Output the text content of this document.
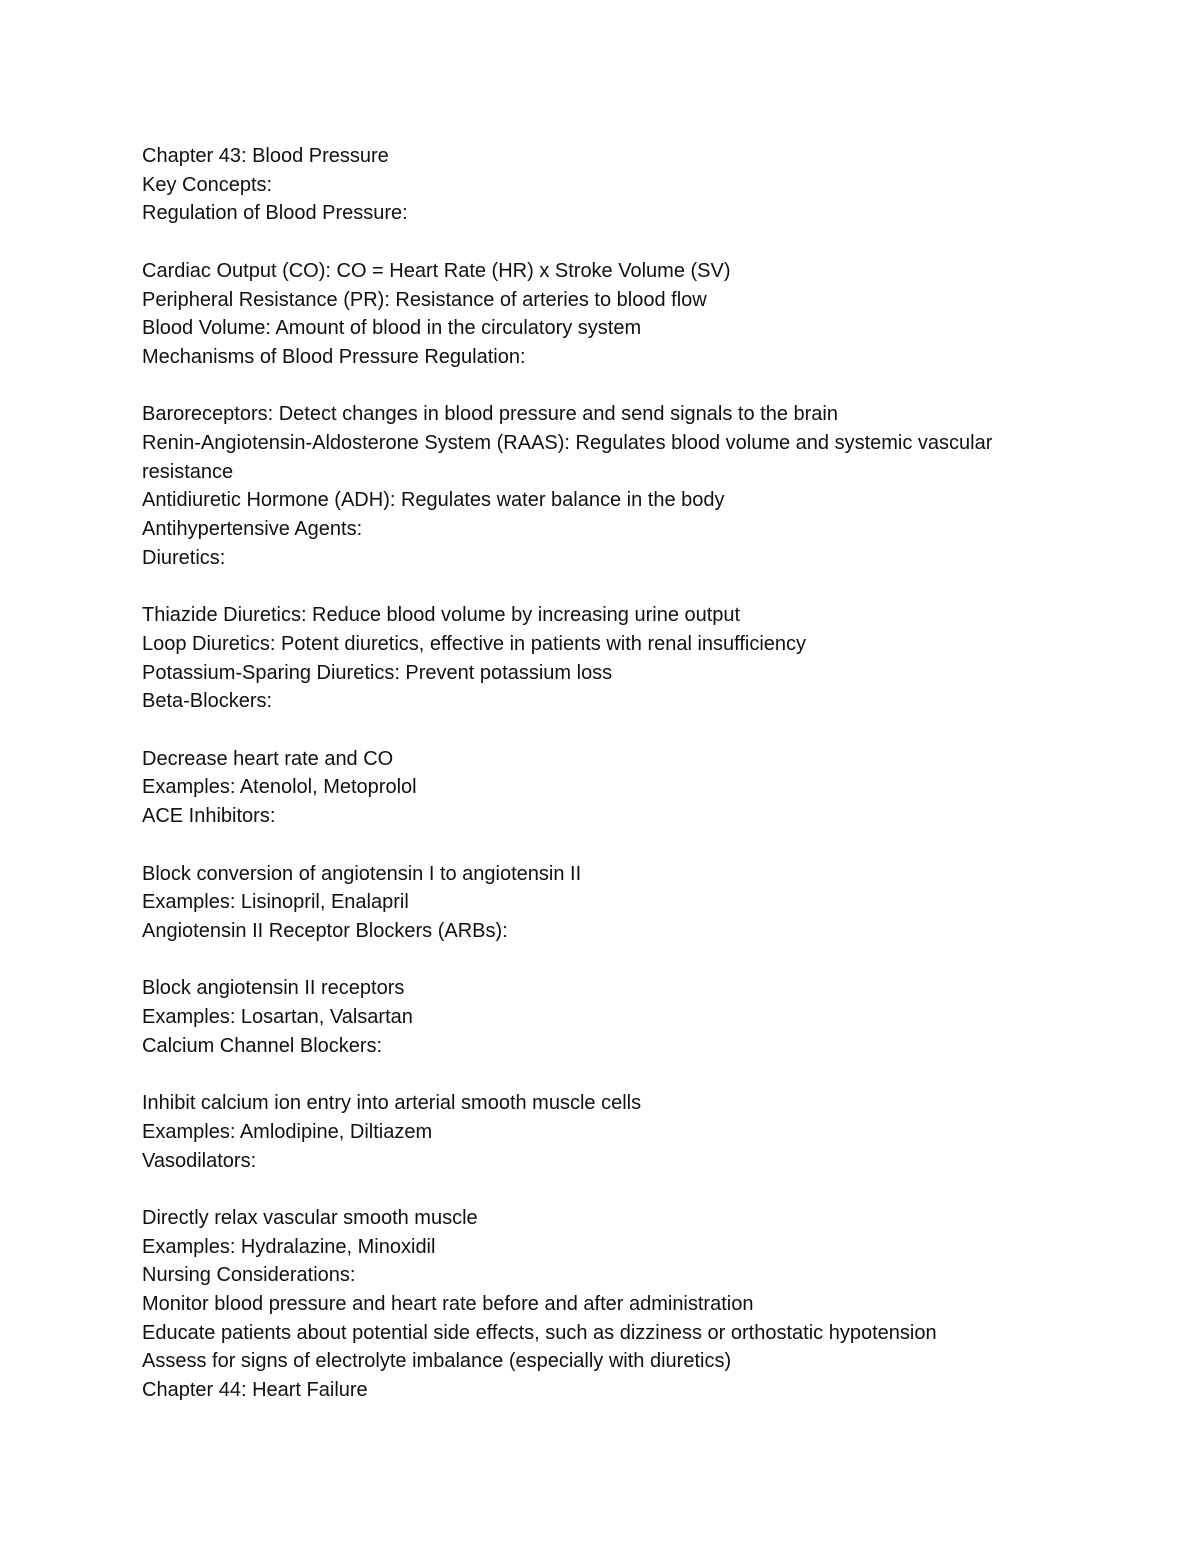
Chapter 43: Blood Pressure
Key Concepts:
Regulation of Blood Pressure:
Cardiac Output (CO): CO = Heart Rate (HR) x Stroke Volume (SV)
Peripheral Resistance (PR): Resistance of arteries to blood flow
Blood Volume: Amount of blood in the circulatory system
Mechanisms of Blood Pressure Regulation:
Baroreceptors: Detect changes in blood pressure and send signals to the brain
Renin-Angiotensin-Aldosterone System (RAAS): Regulates blood volume and systemic vascular resistance
Antidiuretic Hormone (ADH): Regulates water balance in the body
Antihypertensive Agents:
Diuretics:
Thiazide Diuretics: Reduce blood volume by increasing urine output
Loop Diuretics: Potent diuretics, effective in patients with renal insufficiency
Potassium-Sparing Diuretics: Prevent potassium loss
Beta-Blockers:
Decrease heart rate and CO
Examples: Atenolol, Metoprolol
ACE Inhibitors:
Block conversion of angiotensin I to angiotensin II
Examples: Lisinopril, Enalapril
Angiotensin II Receptor Blockers (ARBs):
Block angiotensin II receptors
Examples: Losartan, Valsartan
Calcium Channel Blockers:
Inhibit calcium ion entry into arterial smooth muscle cells
Examples: Amlodipine, Diltiazem
Vasodilators:
Directly relax vascular smooth muscle
Examples: Hydralazine, Minoxidil
Nursing Considerations:
Monitor blood pressure and heart rate before and after administration
Educate patients about potential side effects, such as dizziness or orthostatic hypotension
Assess for signs of electrolyte imbalance (especially with diuretics)
Chapter 44: Heart Failure
